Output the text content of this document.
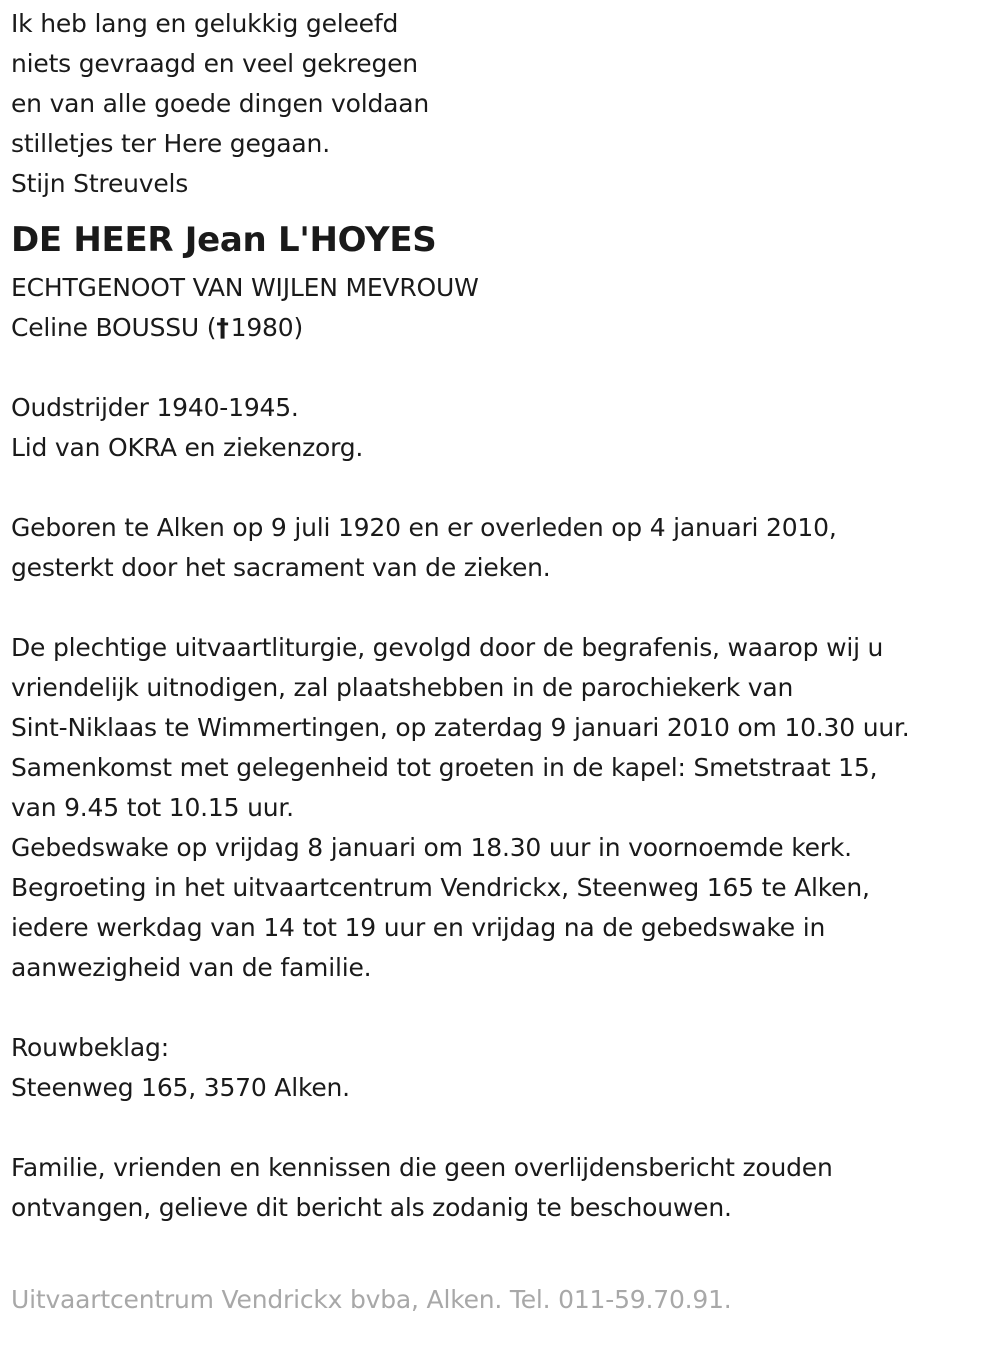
Ik heb lang en gelukkig geleefd
niets gevraagd en veel gekregen
en van alle goede dingen voldaan
stilletjes ter Here gegaan.
Stijn Streuvels
DE HEER Jean L'HOYES
ECHTGENOOT VAN WIJLEN MEVROUW
Celine BOUSSU (†1980)
Oudstrijder 1940-1945.
Lid van OKRA en ziekenzorg.
Geboren te Alken op 9 juli 1920 en er overleden op 4 januari 2010,
gesterkt door het sacrament van de zieken.
De plechtige uitvaartliturgie, gevolgd door de begrafenis, waarop wij u
vriendelijk uitnodigen, zal plaatshebben in de parochiekerk van
Sint-Niklaas te Wimmertingen, op zaterdag 9 januari 2010 om 10.30 uur.
Samenkomst met gelegenheid tot groeten in de kapel: Smetstraat 15,
van 9.45 tot 10.15 uur.
Gebedswake op vrijdag 8 januari om 18.30 uur in voornoemde kerk.
Begroeting in het uitvaartcentrum Vendrickx, Steenweg 165 te Alken,
iedere werkdag van 14 tot 19 uur en vrijdag na de gebedswake in
aanwezigheid van de familie.
Rouwbeklag:
Steenweg 165, 3570 Alken.
Familie, vrienden en kennissen die geen overlijdensbericht zouden
ontvangen, gelieve dit bericht als zodanig te beschouwen.
Uitvaartcentrum Vendrickx bvba, Alken. Tel. 011-59.70.91.
